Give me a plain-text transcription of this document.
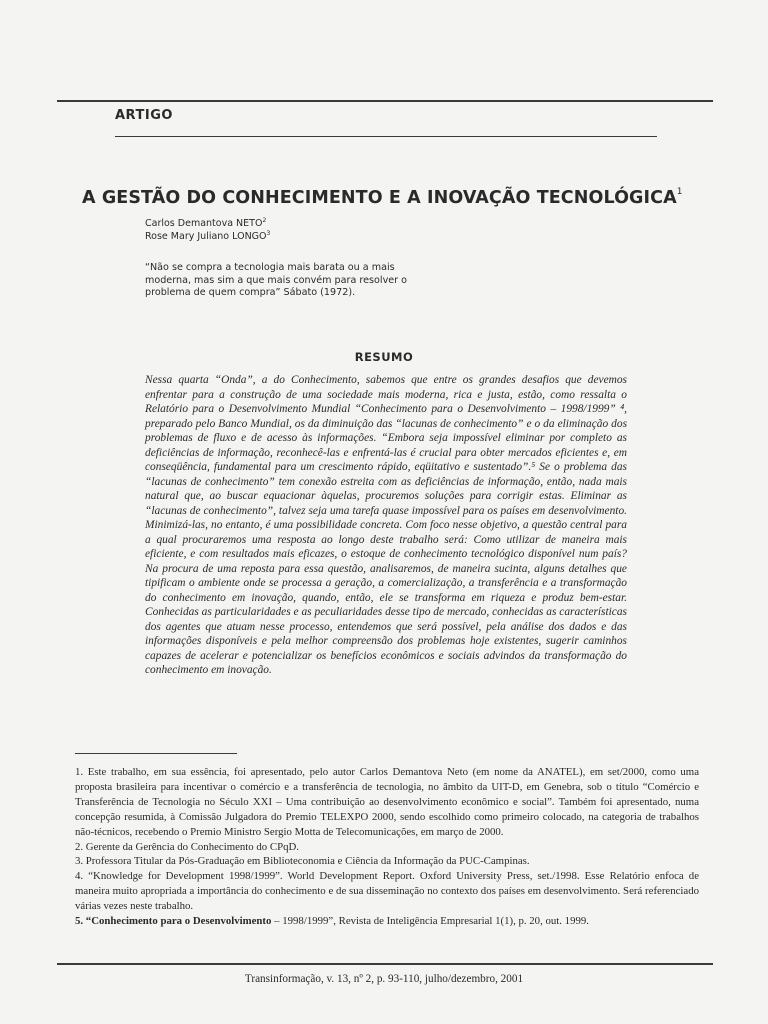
ARTIGO
A GESTÃO DO CONHECIMENTO E A INOVAÇÃO TECNOLÓGICA$^1$
Carlos Demantova NETO$^2$
Rose Mary Juliano LONGO$^3$
“Não se compra a tecnologia mais barata ou a mais moderna, mas sim a que mais convém para resolver o problema de quem compra” Sábato (1972).
RESUMO
Nessa quarta “Onda”, a do Conhecimento, sabemos que entre os grandes desafios que devemos enfrentar para a construção de uma sociedade mais moderna, rica e justa, estão, como ressalta o Relatório para o Desenvolvimento Mundial “Conhecimento para o Desenvolvimento – 1998/1999” ⁴, preparado pelo Banco Mundial, os da diminuição das “lacunas de conhecimento” e o da eliminação dos problemas de fluxo e de acesso às informações. “Embora seja impossível eliminar por completo as deficiências de informação, reconhecê-las e enfrentá-las é crucial para obter mercados eficientes e, em conseqüência, fundamental para um crescimento rápido, eqüitativo e sustentado”.⁵ Se o problema das “lacunas de conhecimento” tem conexão estreita com as deficiências de informação, então, nada mais natural que, ao buscar equacionar àquelas, procuremos soluções para corrigir estas. Eliminar as “lacunas de conhecimento”, talvez seja uma tarefa quase impossível para os países em desenvolvimento. Minimizá-las, no entanto, é uma possibilidade concreta. Com foco nesse objetivo, a questão central para a qual procuraremos uma resposta ao longo deste trabalho será: Como utilizar de maneira mais eficiente, e com resultados mais eficazes, o estoque de conhecimento tecnológico disponível num país? Na procura de uma reposta para essa questão, analisaremos, de maneira sucinta, alguns detalhes que tipificam o ambiente onde se processa a geração, a comercialização, a transferência e a transformação do conhecimento em inovação, quando, então, ele se transforma em riqueza e produz bem-estar. Conhecidas as particularidades e as peculiaridades desse tipo de mercado, conhecidas as características dos agentes que atuam nesse processo, entendemos que será possível, pela análise dos dados e das informações disponíveis e pela melhor compreensão dos problemas hoje existentes, sugerir caminhos capazes de acelerar e potencializar os benefícios econômicos e sociais advindos da transformação do conhecimento em inovação.

1. Este trabalho, em sua essência, foi apresentado, pelo autor Carlos Demantova Neto (em nome da ANATEL), em set/2000, como uma proposta brasileira para incentivar o comércio e a transferência de tecnologia, no âmbito da UIT-D, em Genebra, sob o título “Comércio e Transferência de Tecnologia no Século XXI – Uma contribuição ao desenvolvimento econômico e social”. Também foi apresentado, numa concepção resumida, à Comissão Julgadora do Premio TELEXPO 2000, sendo escolhido como primeiro colocado, na categoria de trabalhos não-técnicos, recebendo o Premio Ministro Sergio Motta de Telecomunicações, em março de 2000.

2. Gerente da Gerência do Conhecimento do CPqD.

3. Professora Titular da Pós-Graduação em Biblioteconomia e Ciência da Informação da PUC-Campinas.

4. “Knowledge for Development 1998/1999”. World Development Report. Oxford University Press, set./1998. Esse Relatório enfoca de maneira muito apropriada a importância do conhecimento e de sua disseminação no contexto dos países em desenvolvimento. Será referenciado várias vezes neste trabalho.

5. “Conhecimento para o Desenvolvimento – 1998/1999”, Revista de Inteligência Empresarial 1(1), p. 20, out. 1999.

Transinformação, v. 13, nº 2, p. 93-110, julho/dezembro, 2001
